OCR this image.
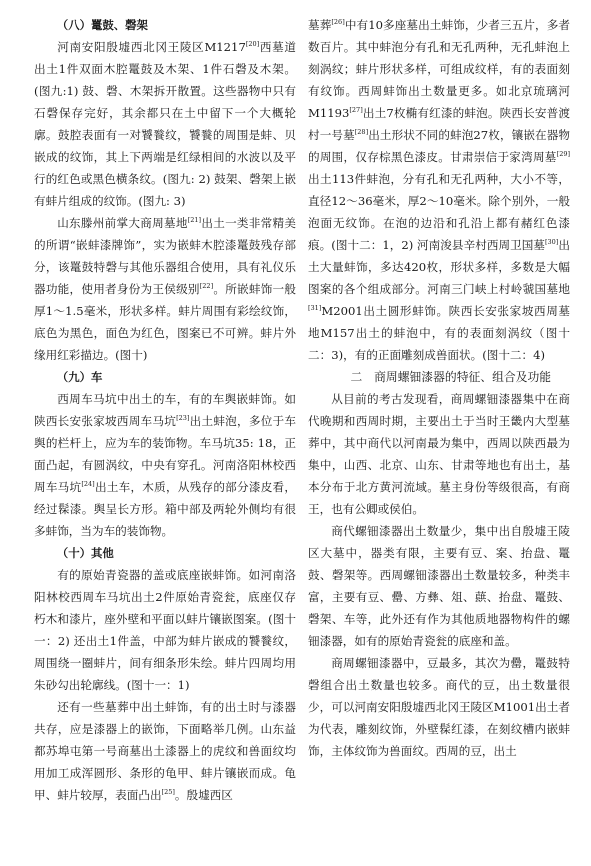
（八）鼍鼓、磬架

河南安阳殷墟西北冈王陵区M1217[20]西墓道出土1件双面木腔鼍鼓及木架、1件石磬及木架。(图九:1) 鼓、磬、木架拆开散置。这些器物中只有石磬保存完好，其余都只在土中留下一个大概轮廓。鼓腔表面有一对饕餮纹，饕餮的周围是蚌、贝嵌成的纹饰，其上下两端是红绿相间的水波以及平行的红色或黑色横条纹。(图九: 2) 鼓架、磬架上嵌有蚌片组成的纹饰。(图九: 3)

山东滕州前掌大商周墓地[21]出土一类非常精美的所谓“嵌蚌漆牌饰”，实为嵌蚌木腔漆鼍鼓残存部分，该鼍鼓特磬与其他乐器组合使用，具有礼仪乐器功能，使用者身份为王侯级别[22]。所嵌蚌饰一般厚1～1.5毫米，形状多样。蚌片周围有彩绘纹饰，底色为黑色，面色为红色，图案已不可辨。蚌片外缘用红彩描边。(图十)

（九）车

西周车马坑中出土的车，有的车舆嵌蚌饰。如陕西长安张家坡西周车马坑[23]出土蚌泡，多位于车舆的栏杆上，应为车的装饰物。车马坑35: 18，正面凸起，有圆涡纹，中央有穿孔。河南洛阳林校西周车马坑[24]出土车，木质，从残存的部分漆皮看，经过髹漆。舆呈长方形。箱中部及两轮外侧均有很多蚌饰，当为车的装饰物。

（十）其他

有的原始青瓷器的盖或底座嵌蚌饰。如河南洛阳林校西周车马坑出土2件原始青瓷瓮，底座仅存朽木和漆片，座外壁和平面以蚌片镶嵌图案。(图十一：2) 还出土1件盖，中部为蚌片嵌成的饕餮纹，周围绕一圈蚌片，间有细条形朱绘。蚌片四周均用朱砂勾出轮廓线。(图十一：1)

还有一些墓葬中出土蚌饰，有的出土时与漆器共存，应是漆器上的嵌饰，下面略举几例。山东益都苏埠屯第一号商墓出土漆器上的虎纹和兽面纹均用加工成浑圆形、条形的龟甲、蚌片镶嵌而成。龟甲、蚌片较厚，表面凸出[25]。殷墟西区

墓葬[26]中有10多座墓出土蚌饰，少者三五片，多者数百片。其中蚌泡分有孔和无孔两种，无孔蚌泡上刻涡纹；蚌片形状多样，可组成纹样，有的表面刻有纹饰。西周蚌饰出土数量更多。如北京琉璃河M1193[27]出土7枚椭有红漆的蚌泡。陕西长安普渡村一号墓[28]出土形状不同的蚌泡27枚，镶嵌在器物的周围，仅存棕黑色漆皮。甘肃崇信于家湾周墓[29]出土113件蚌泡，分有孔和无孔两种，大小不等，直径12～36毫米，厚2～10毫米。除个别外，一般泡面无纹饰。在泡的边沿和孔沿上都有赭红色漆痕。(图十二：1，2) 河南浚县辛村西周卫国墓[30]出土大量蚌饰，多达420枚，形状多样，多数是大幅图案的各个组成部分。河南三门峡上村岭虢国墓地[31]M2001出土圆形蚌饰。陕西长安张家坡西周墓地M157出土的蚌泡中，有的表面刻涡纹（图十二：3)，有的正面雕刻成兽面状。(图十二：4)

二　商周螺钿漆器的特征、组合及功能

从目前的考古发现看，商周螺钿漆器集中在商代晚期和西周时期，主要出土于当时王畿内大型墓葬中，其中商代以河南最为集中，西周以陕西最为集中，山西、北京、山东、甘肃等地也有出土，基本分布于北方黄河流域。墓主身份等级很高，有商王，也有公卿或侯伯。

商代螺钿漆器出土数量少，集中出自殷墟王陵区大墓中，器类有限，主要有豆、案、抬盘、鼍鼓、磬架等。西周螺钿漆器出土数量较多，种类丰富，主要有豆、罍、方彝、俎、蕻、抬盘、鼍鼓、磬架、车等，此外还有作为其他质地器物构件的螺钿漆器，如有的原始青瓷瓮的底座和盖。

商周螺钿漆器中，豆最多，其次为罍，鼍鼓特磬组合出土数量也较多。商代的豆，出土数量很少，可以河南安阳殷墟西北冈王陵区M1001出土者为代表，雕刻纹饰，外壁髹红漆，在刻纹槽内嵌蚌饰，主体纹饰为兽面纹。西周的豆，出土
